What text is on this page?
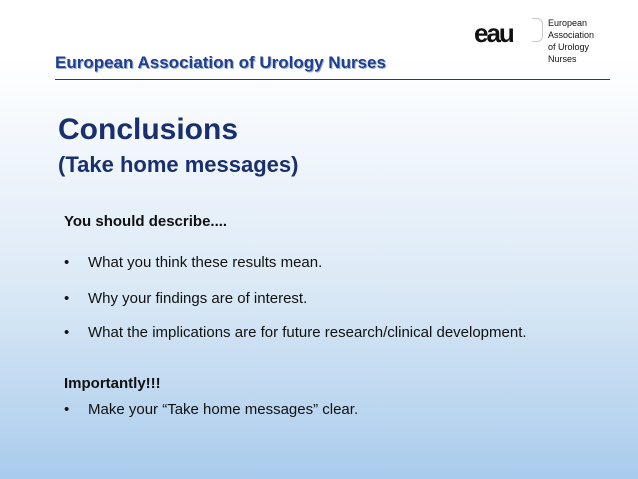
European Association of Urology Nurses
eau	European
Association
of Urology
Nurses
Conclusions
(Take home messages)
You should describe....
•	What you think these results mean.
•	Why your findings are of interest.
•	What the implications are for future research/clinical development.
Importantly!!!
•	Make your “Take home messages” clear.
